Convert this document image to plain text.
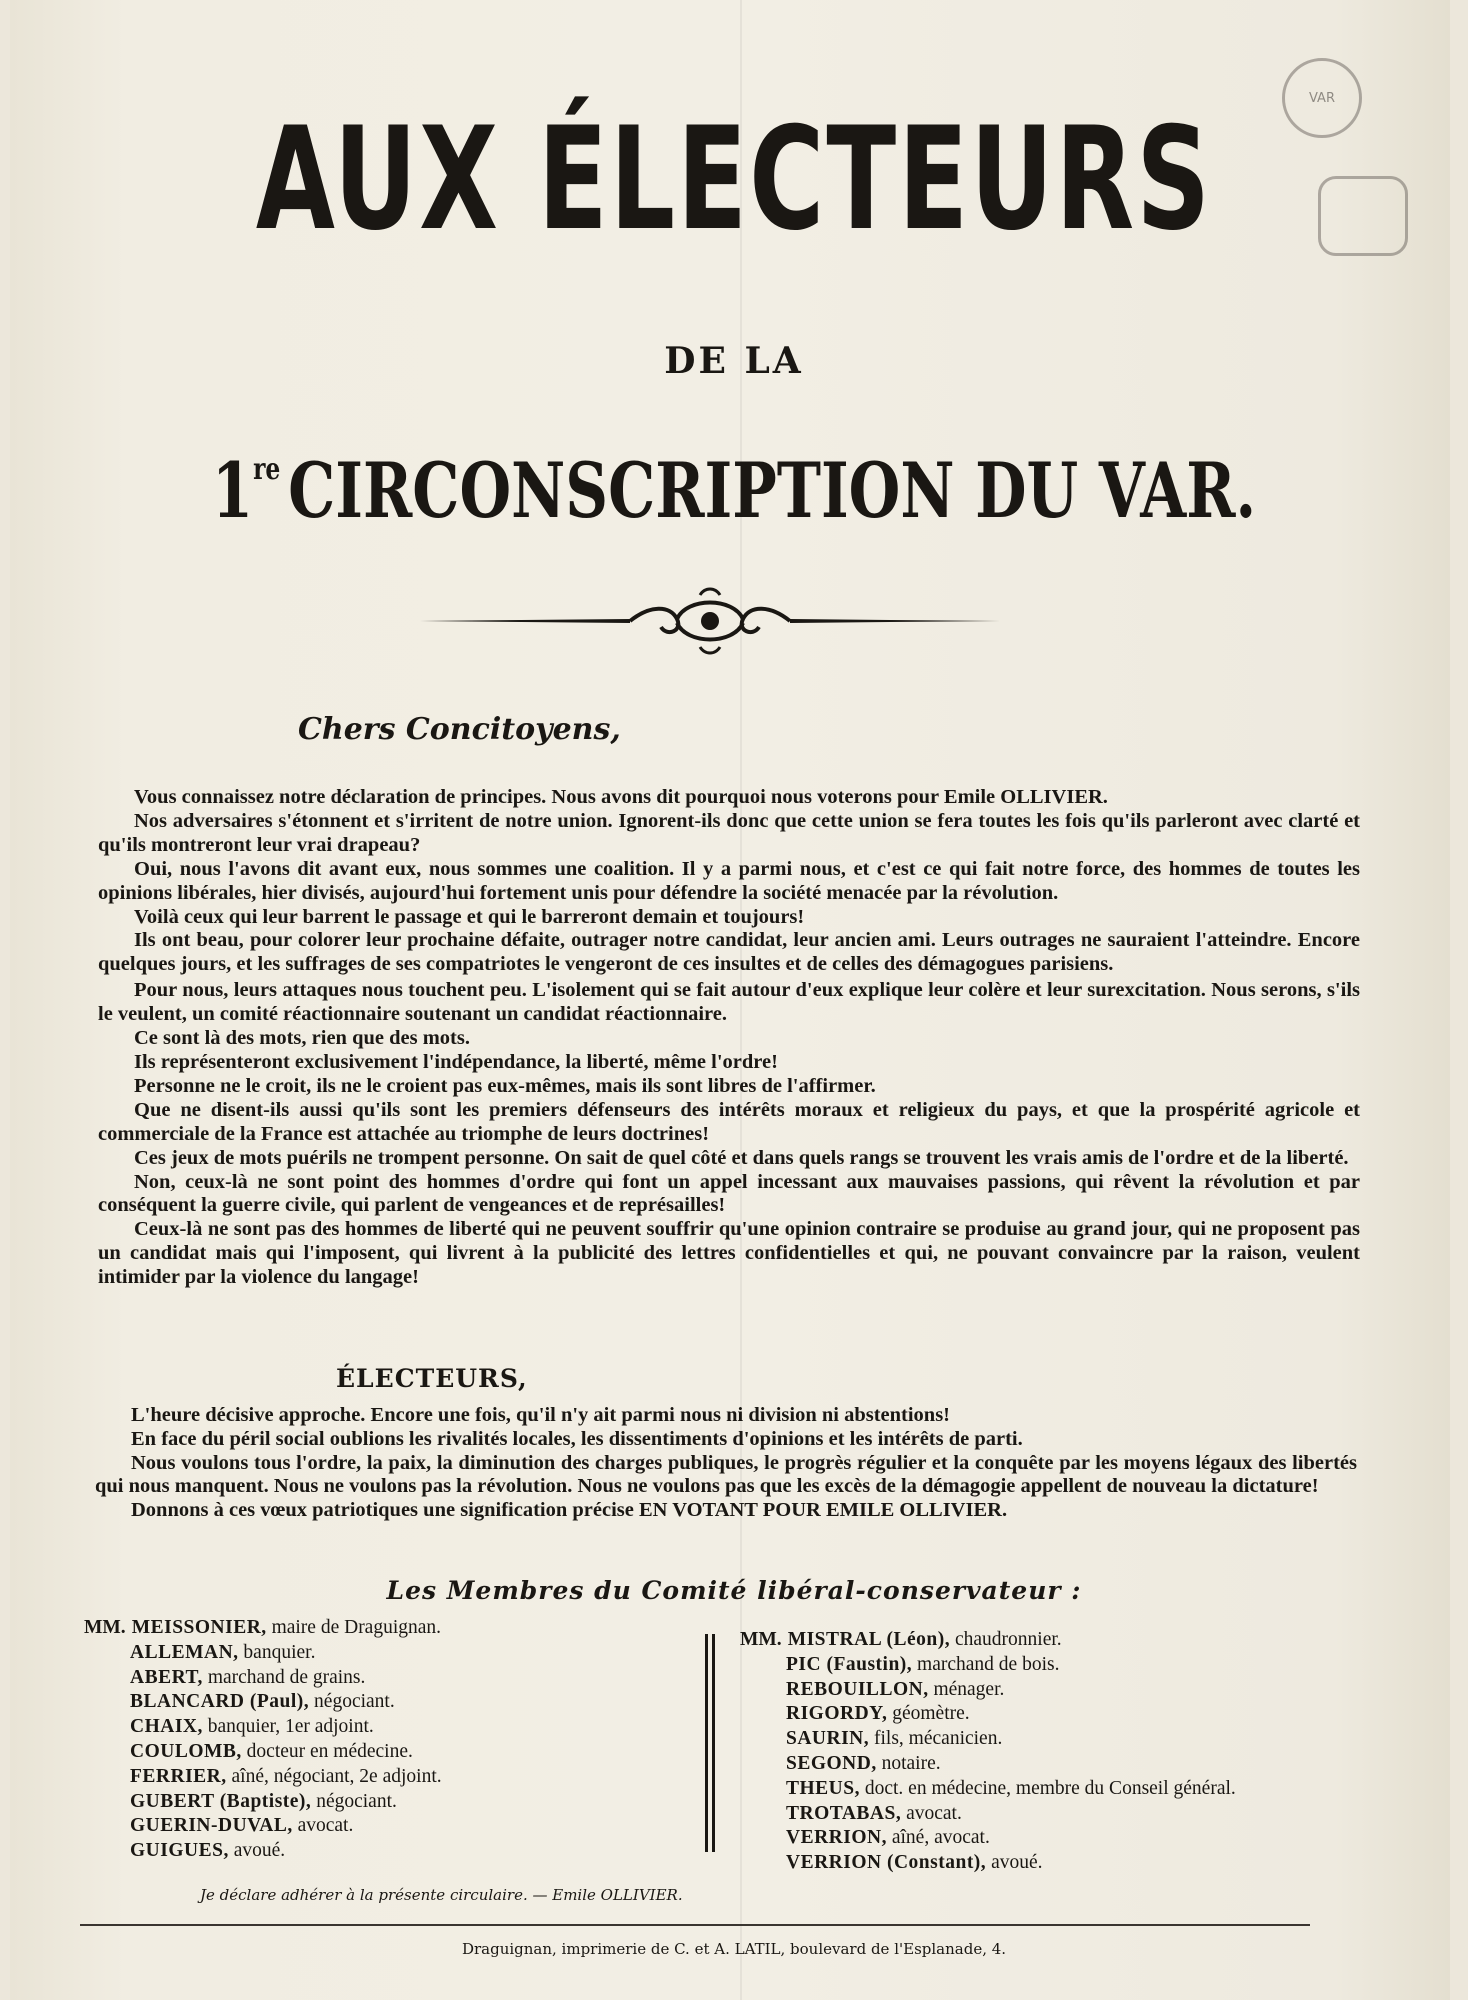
VAR
AUX ÉLECTEURS
DE LA
1re CIRCONSCRIPTION DU VAR.
Chers Concitoyens,

Vous connaissez notre déclaration de principes. Nous avons dit pourquoi nous voterons pour Emile OLLIVIER.

Nos adversaires s'étonnent et s'irritent de notre union. Ignorent-ils donc que cette union se fera toutes les fois qu'ils parleront avec clarté et qu'ils montreront leur vrai drapeau?

Oui, nous l'avons dit avant eux, nous sommes une coalition. Il y a parmi nous, et c'est ce qui fait notre force, des hommes de toutes les opinions libérales, hier divisés, aujourd'hui fortement unis pour défendre la société menacée par la révolution.

Voilà ceux qui leur barrent le passage et qui le barreront demain et toujours!

Ils ont beau, pour colorer leur prochaine défaite, outrager notre candidat, leur ancien ami. Leurs outrages ne sauraient l'atteindre. Encore quelques jours, et les suffrages de ses compatriotes le vengeront de ces insultes et de celles des démagogues parisiens.

Pour nous, leurs attaques nous touchent peu. L'isolement qui se fait autour d'eux explique leur colère et leur surexcitation. Nous serons, s'ils le veulent, un comité réactionnaire soutenant un candidat réactionnaire.

Ce sont là des mots, rien que des mots.

Ils représenteront exclusivement l'indépendance, la liberté, même l'ordre!

Personne ne le croit, ils ne le croient pas eux-mêmes, mais ils sont libres de l'affirmer.

Que ne disent-ils aussi qu'ils sont les premiers défenseurs des intérêts moraux et religieux du pays, et que la prospérité agricole et commerciale de la France est attachée au triomphe de leurs doctrines!

Ces jeux de mots puérils ne trompent personne. On sait de quel côté et dans quels rangs se trouvent les vrais amis de l'ordre et de la liberté.

Non, ceux-là ne sont point des hommes d'ordre qui font un appel incessant aux mauvaises passions, qui rêvent la révolution et par conséquent la guerre civile, qui parlent de vengeances et de représailles!

Ceux-là ne sont pas des hommes de liberté qui ne peuvent souffrir qu'une opinion contraire se produise au grand jour, qui ne proposent pas un candidat mais qui l'imposent, qui livrent à la publicité des lettres confidentielles et qui, ne pouvant convaincre par la raison, veulent intimider par la violence du langage!

ÉLECTEURS,

L'heure décisive approche. Encore une fois, qu'il n'y ait parmi nous ni division ni abstentions!

En face du péril social oublions les rivalités locales, les dissentiments d'opinions et les intérêts de parti.

Nous voulons tous l'ordre, la paix, la diminution des charges publiques, le progrès régulier et la conquête par les moyens légaux des libertés qui nous manquent. Nous ne voulons pas la révolution. Nous ne voulons pas que les excès de la démagogie appellent de nouveau la dictature!

Donnons à ces vœux patriotiques une signification précise EN VOTANT POUR EMILE OLLIVIER.

Les Membres du Comité libéral-conservateur :
MM. MEISSONIER, maire de Draguignan.
ALLEMAN, banquier.
ABERT, marchand de grains.
BLANCARD (Paul), négociant.
CHAIX, banquier, 1er adjoint.
COULOMB, docteur en médecine.
FERRIER, aîné, négociant, 2e adjoint.
GUBERT (Baptiste), négociant.
GUERIN-DUVAL, avocat.
GUIGUES, avoué.
MM. MISTRAL (Léon), chaudronnier.
PIC (Faustin), marchand de bois.
REBOUILLON, ménager.
RIGORDY, géomètre.
SAURIN, fils, mécanicien.
SEGOND, notaire.
THEUS, doct. en médecine, membre du Conseil général.
TROTABAS, avocat.
VERRION, aîné, avocat.
VERRION (Constant), avoué.
Je déclare adhérer à la présente circulaire. — Emile OLLIVIER.
Draguignan, imprimerie de C. et A. LATIL, boulevard de l'Esplanade, 4.
